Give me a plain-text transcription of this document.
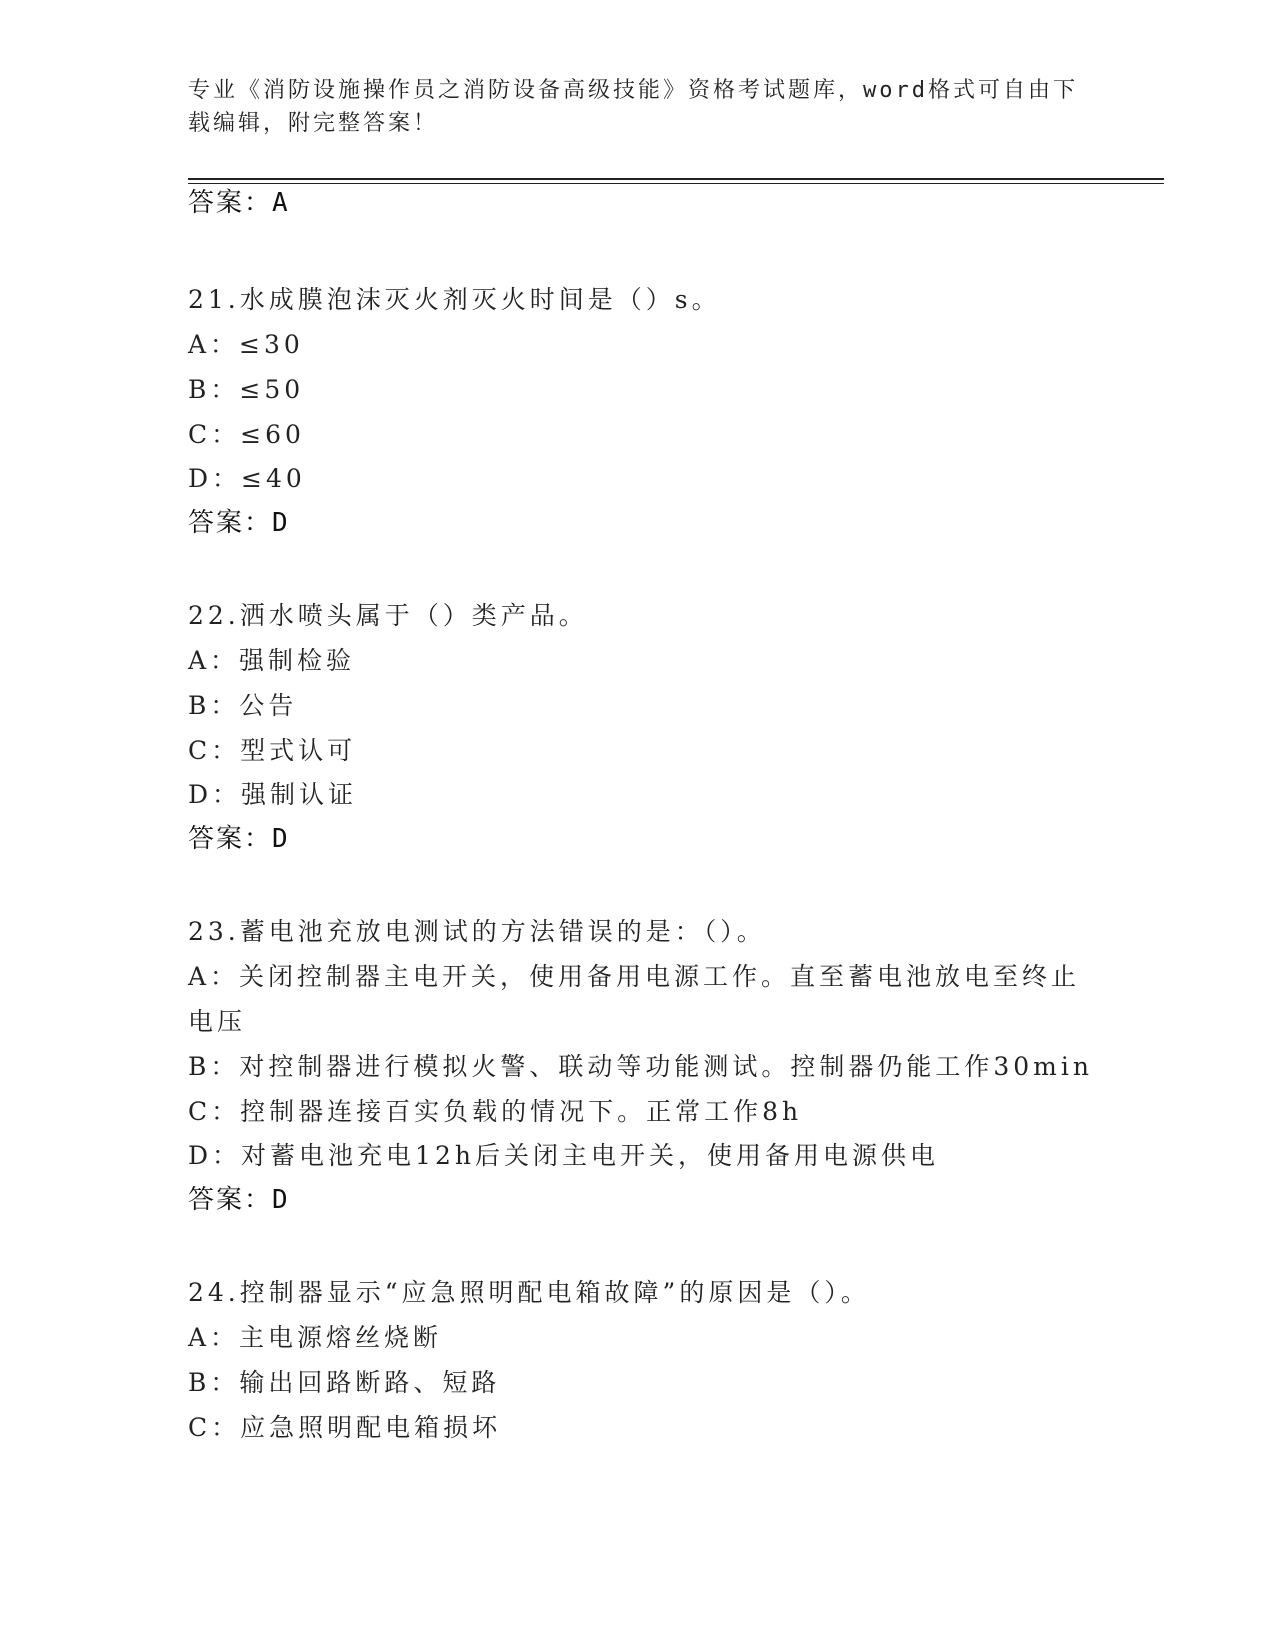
专业《消防设施操作员之消防设备高级技能》资格考试题库，word格式可自由下
载编辑，附完整答案！
答案：A
21.水成膜泡沫灭火剂灭火时间是（）s。
A：≤30
B：≤50
C：≤60
D：≤40
答案：D
22.洒水喷头属于（）类产品。
A：强制检验
B：公告
C：型式认可
D：强制认证
答案：D
23.蓄电池充放电测试的方法错误的是：（）。
A：关闭控制器主电开关，使用备用电源工作。直至蓄电池放电至终止
电压
B：对控制器进行模拟火警、联动等功能测试。控制器仍能工作30min
C：控制器连接百实负载的情况下。正常工作8h
D：对蓄电池充电12h后关闭主电开关，使用备用电源供电
答案：D
24.控制器显示“应急照明配电箱故障”的原因是（）。
A：主电源熔丝烧断
B：输出回路断路、短路
C：应急照明配电箱损坏
